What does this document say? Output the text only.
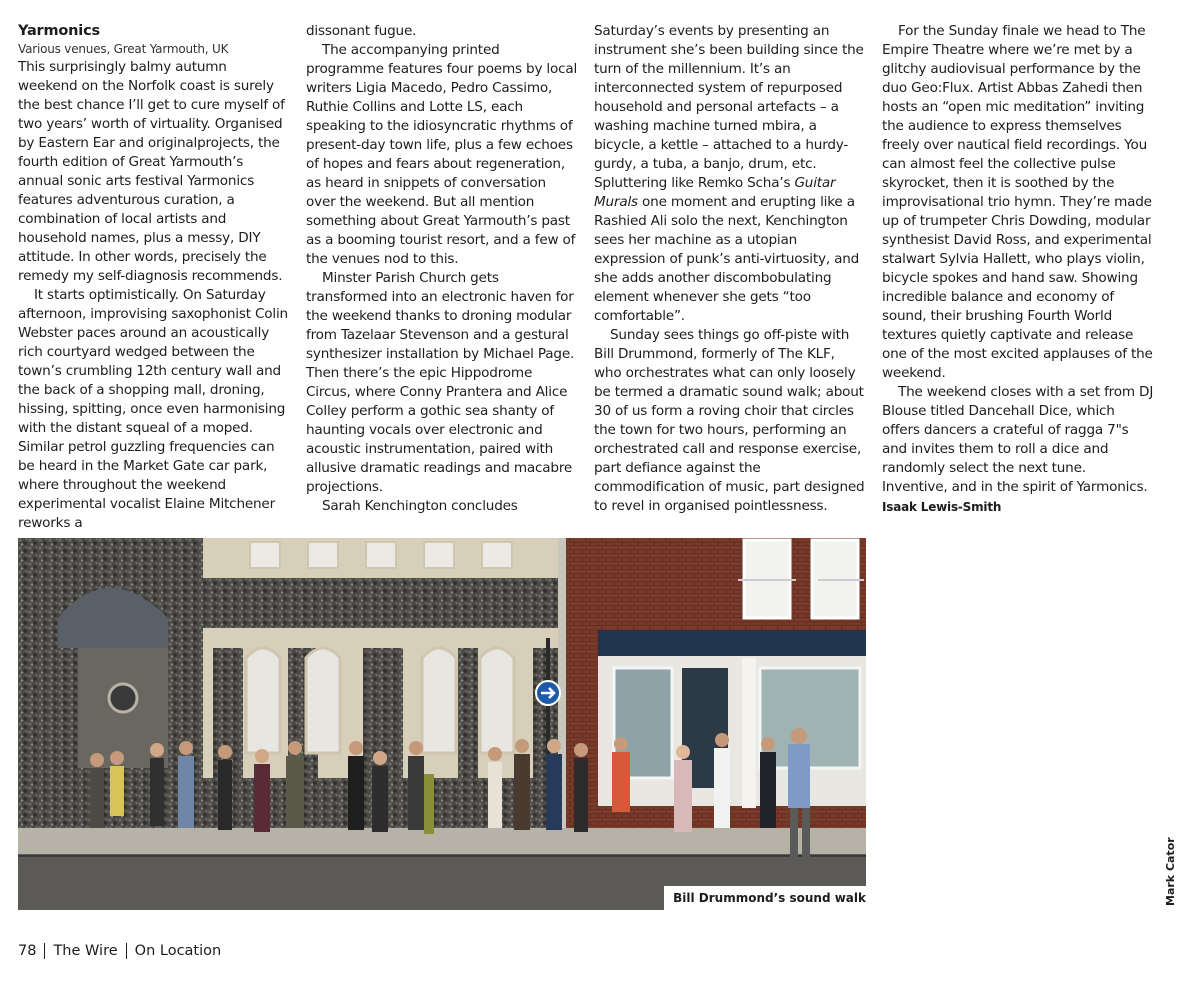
Yarmonics
Various venues, Great Yarmouth, UK

This surprisingly balmy autumn weekend on the Norfolk coast is surely the best chance I’ll get to cure myself of two years’ worth of virtuality. Organised by Eastern Ear and originalprojects, the fourth edition of Great Yarmouth’s annual sonic arts festival Yarmonics features adventurous curation, a combination of local artists and household names, plus a messy, DIY attitude. In other words, precisely the remedy my self-diagnosis recommends.

It starts optimistically. On Saturday afternoon, improvising saxophonist Colin Webster paces around an acoustically rich courtyard wedged between the town’s crumbling 12th century wall and the back of a shopping mall, droning, hissing, spitting, once even harmonising with the distant squeal of a moped. Similar petrol guzzling frequencies can be heard in the Market Gate car park, where throughout the weekend experimental vocalist Elaine Mitchener reworks a

dissonant fugue.

The accompanying printed programme features four poems by local writers Ligia Macedo, Pedro Cassimo, Ruthie Collins and Lotte LS, each speaking to the idiosyncratic rhythms of present-day town life, plus a few echoes of hopes and fears about regeneration, as heard in snippets of conversation over the weekend. But all mention something about Great Yarmouth’s past as a booming tourist resort, and a few of the venues nod to this.

Minster Parish Church gets transformed into an electronic haven for the weekend thanks to droning modular from Tazelaar Stevenson and a gestural synthesizer installation by Michael Page. Then there’s the epic Hippodrome Circus, where Conny Prantera and Alice Colley perform a gothic sea shanty of haunting vocals over electronic and acoustic instrumentation, paired with allusive dramatic readings and macabre projections.

Sarah Kenchington concludes

Saturday’s events by presenting an instrument she’s been building since the turn of the millennium. It’s an interconnected system of repurposed household and personal artefacts – a washing machine turned mbira, a bicycle, a kettle – attached to a hurdy-gurdy, a tuba, a banjo, drum, etc. Spluttering like Remko Scha’s Guitar Murals one moment and erupting like a Rashied Ali solo the next, Kenchington sees her machine as a utopian expression of punk’s anti-virtuosity, and she adds another discombobulating element whenever she gets “too comfortable”.

Sunday sees things go off-piste with Bill Drummond, formerly of The KLF, who orchestrates what can only loosely be termed a dramatic sound walk; about 30 of us form a roving choir that circles the town for two hours, performing an orchestrated call and response exercise, part defiance against the commodification of music, part designed to revel in organised pointlessness.

For the Sunday finale we head to The Empire Theatre where we’re met by a glitchy audiovisual performance by the duo Geo:Flux. Artist Abbas Zahedi then hosts an “open mic meditation” inviting the audience to express themselves freely over nautical field recordings. You can almost feel the collective pulse skyrocket, then it is soothed by the improvisational trio hymn. They’re made up of trumpeter Chris Dowding, modular synthesist David Ross, and experimental stalwart Sylvia Hallett, who plays violin, bicycle spokes and hand saw. Showing incredible balance and economy of sound, their brushing Fourth World textures quietly captivate and release one of the most excited applauses of the weekend.

The weekend closes with a set from DJ Blouse titled Dancehall Dice, which offers dancers a crateful of ragga 7"s and invites them to roll a dice and randomly select the next tune. Inventive, and in the spirit of Yarmonics.

Isaak Lewis-Smith
Bill Drummond’s sound walk	Mark Cator
78 The Wire On Location
